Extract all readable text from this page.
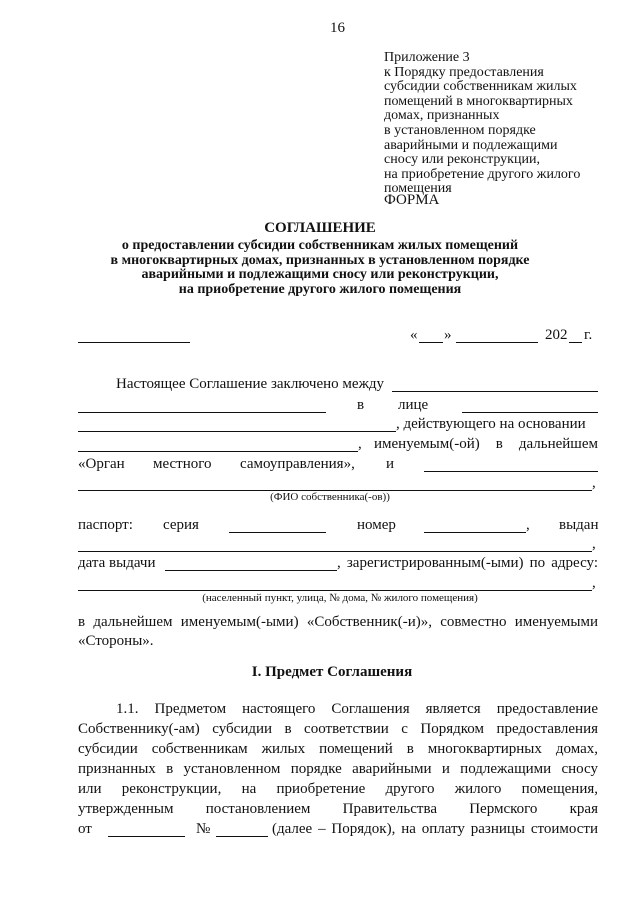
16
Приложение 3
к Порядку предоставления
субсидии собственникам жилых
помещений в многоквартирных
домах, признанных
в установленном порядке
аварийными и подлежащими
сносу или реконструкции,
на приобретение другого жилого
помещения
ФОРМА
СОГЛАШЕНИЕ
о предоставлении субсидии собственникам жилых помещений
в многоквартирных домах, признанных в установленном порядке
аварийными и подлежащими сносу или реконструкции,
на приобретение другого жилого помещения
« »	202 г.
Настоящее Соглашение заключено между
в лице
, действующего на основании
, именуемым(-ой) в дальнейшем
«Орган местного самоуправления», и
,
(ФИО собственника(-ов))
паспорт: серия	номер	, выдан
,
дата выдачи	, зарегистрированным(-ыми) по адресу:
,
(населенный пункт, улица, № дома, № жилого помещения)
в дальнейшем именуемым(-ыми) «Собственник(-и)», совместно именуемыми
«Стороны».
I. Предмет Соглашения
1.1. Предметом настоящего Соглашения является предоставление
Собственнику(-ам) субсидии в соответствии с Порядком предоставления
субсидии собственникам жилых помещений в многоквартирных домах,
признанных в установленном порядке аварийными и подлежащими сносу
или реконструкции, на приобретение другого жилого помещения,
утвержденным постановлением Правительства Пермского края
от	№	(далее – Порядок), на оплату разницы стоимости
